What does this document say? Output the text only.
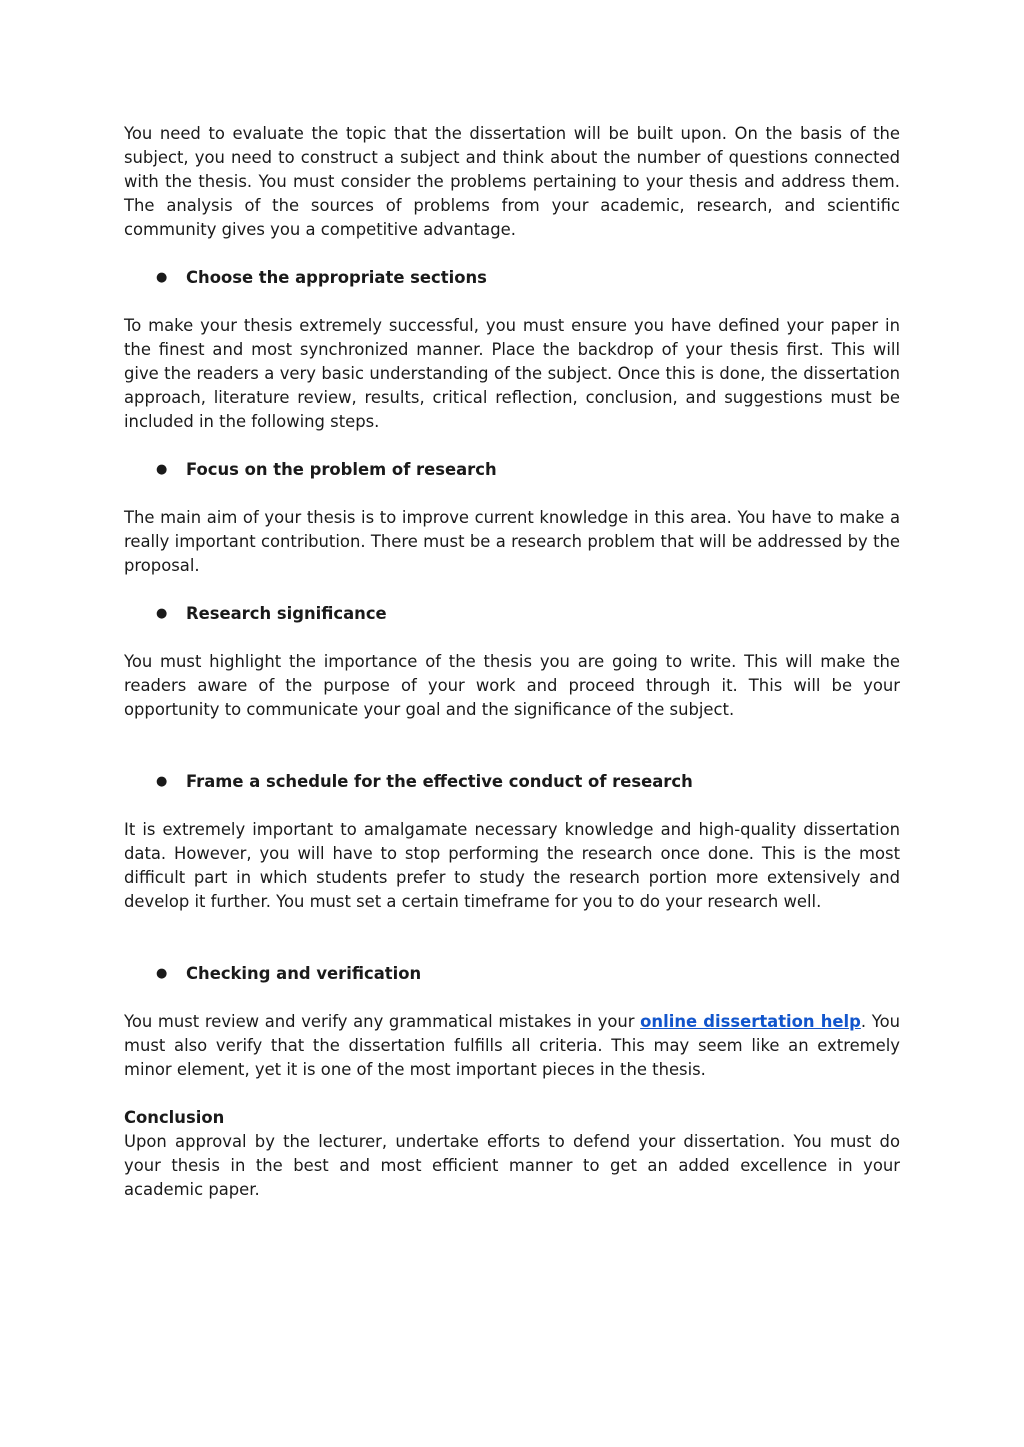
You need to evaluate the topic that the dissertation will be built upon. On the basis of the subject, you need to construct a subject and think about the number of questions connected with the thesis. You must consider the problems pertaining to your thesis and address them. The analysis of the sources of problems from your academic, research, and scientific community gives you a competitive advantage.

● Choose the appropriate sections

To make your thesis extremely successful, you must ensure you have defined your paper in the finest and most synchronized manner. Place the backdrop of your thesis first. This will give the readers a very basic understanding of the subject. Once this is done, the dissertation approach, literature review, results, critical reflection, conclusion, and suggestions must be included in the following steps.

● Focus on the problem of research

The main aim of your thesis is to improve current knowledge in this area. You have to make a really important contribution. There must be a research problem that will be addressed by the proposal.

● Research significance

You must highlight the importance of the thesis you are going to write. This will make the readers aware of the purpose of your work and proceed through it. This will be your opportunity to communicate your goal and the significance of the subject.

● Frame a schedule for the effective conduct of research

It is extremely important to amalgamate necessary knowledge and high-quality dissertation data. However, you will have to stop performing the research once done. This is the most difficult part in which students prefer to study the research portion more extensively and develop it further. You must set a certain timeframe for you to do your research well.

● Checking and verification

You must review and verify any grammatical mistakes in your online dissertation help. You must also verify that the dissertation fulfills all criteria. This may seem like an extremely minor element, yet it is one of the most important pieces in the thesis.

Conclusion

Upon approval by the lecturer, undertake efforts to defend your dissertation. You must do your thesis in the best and most efficient manner to get an added excellence in your academic paper.
